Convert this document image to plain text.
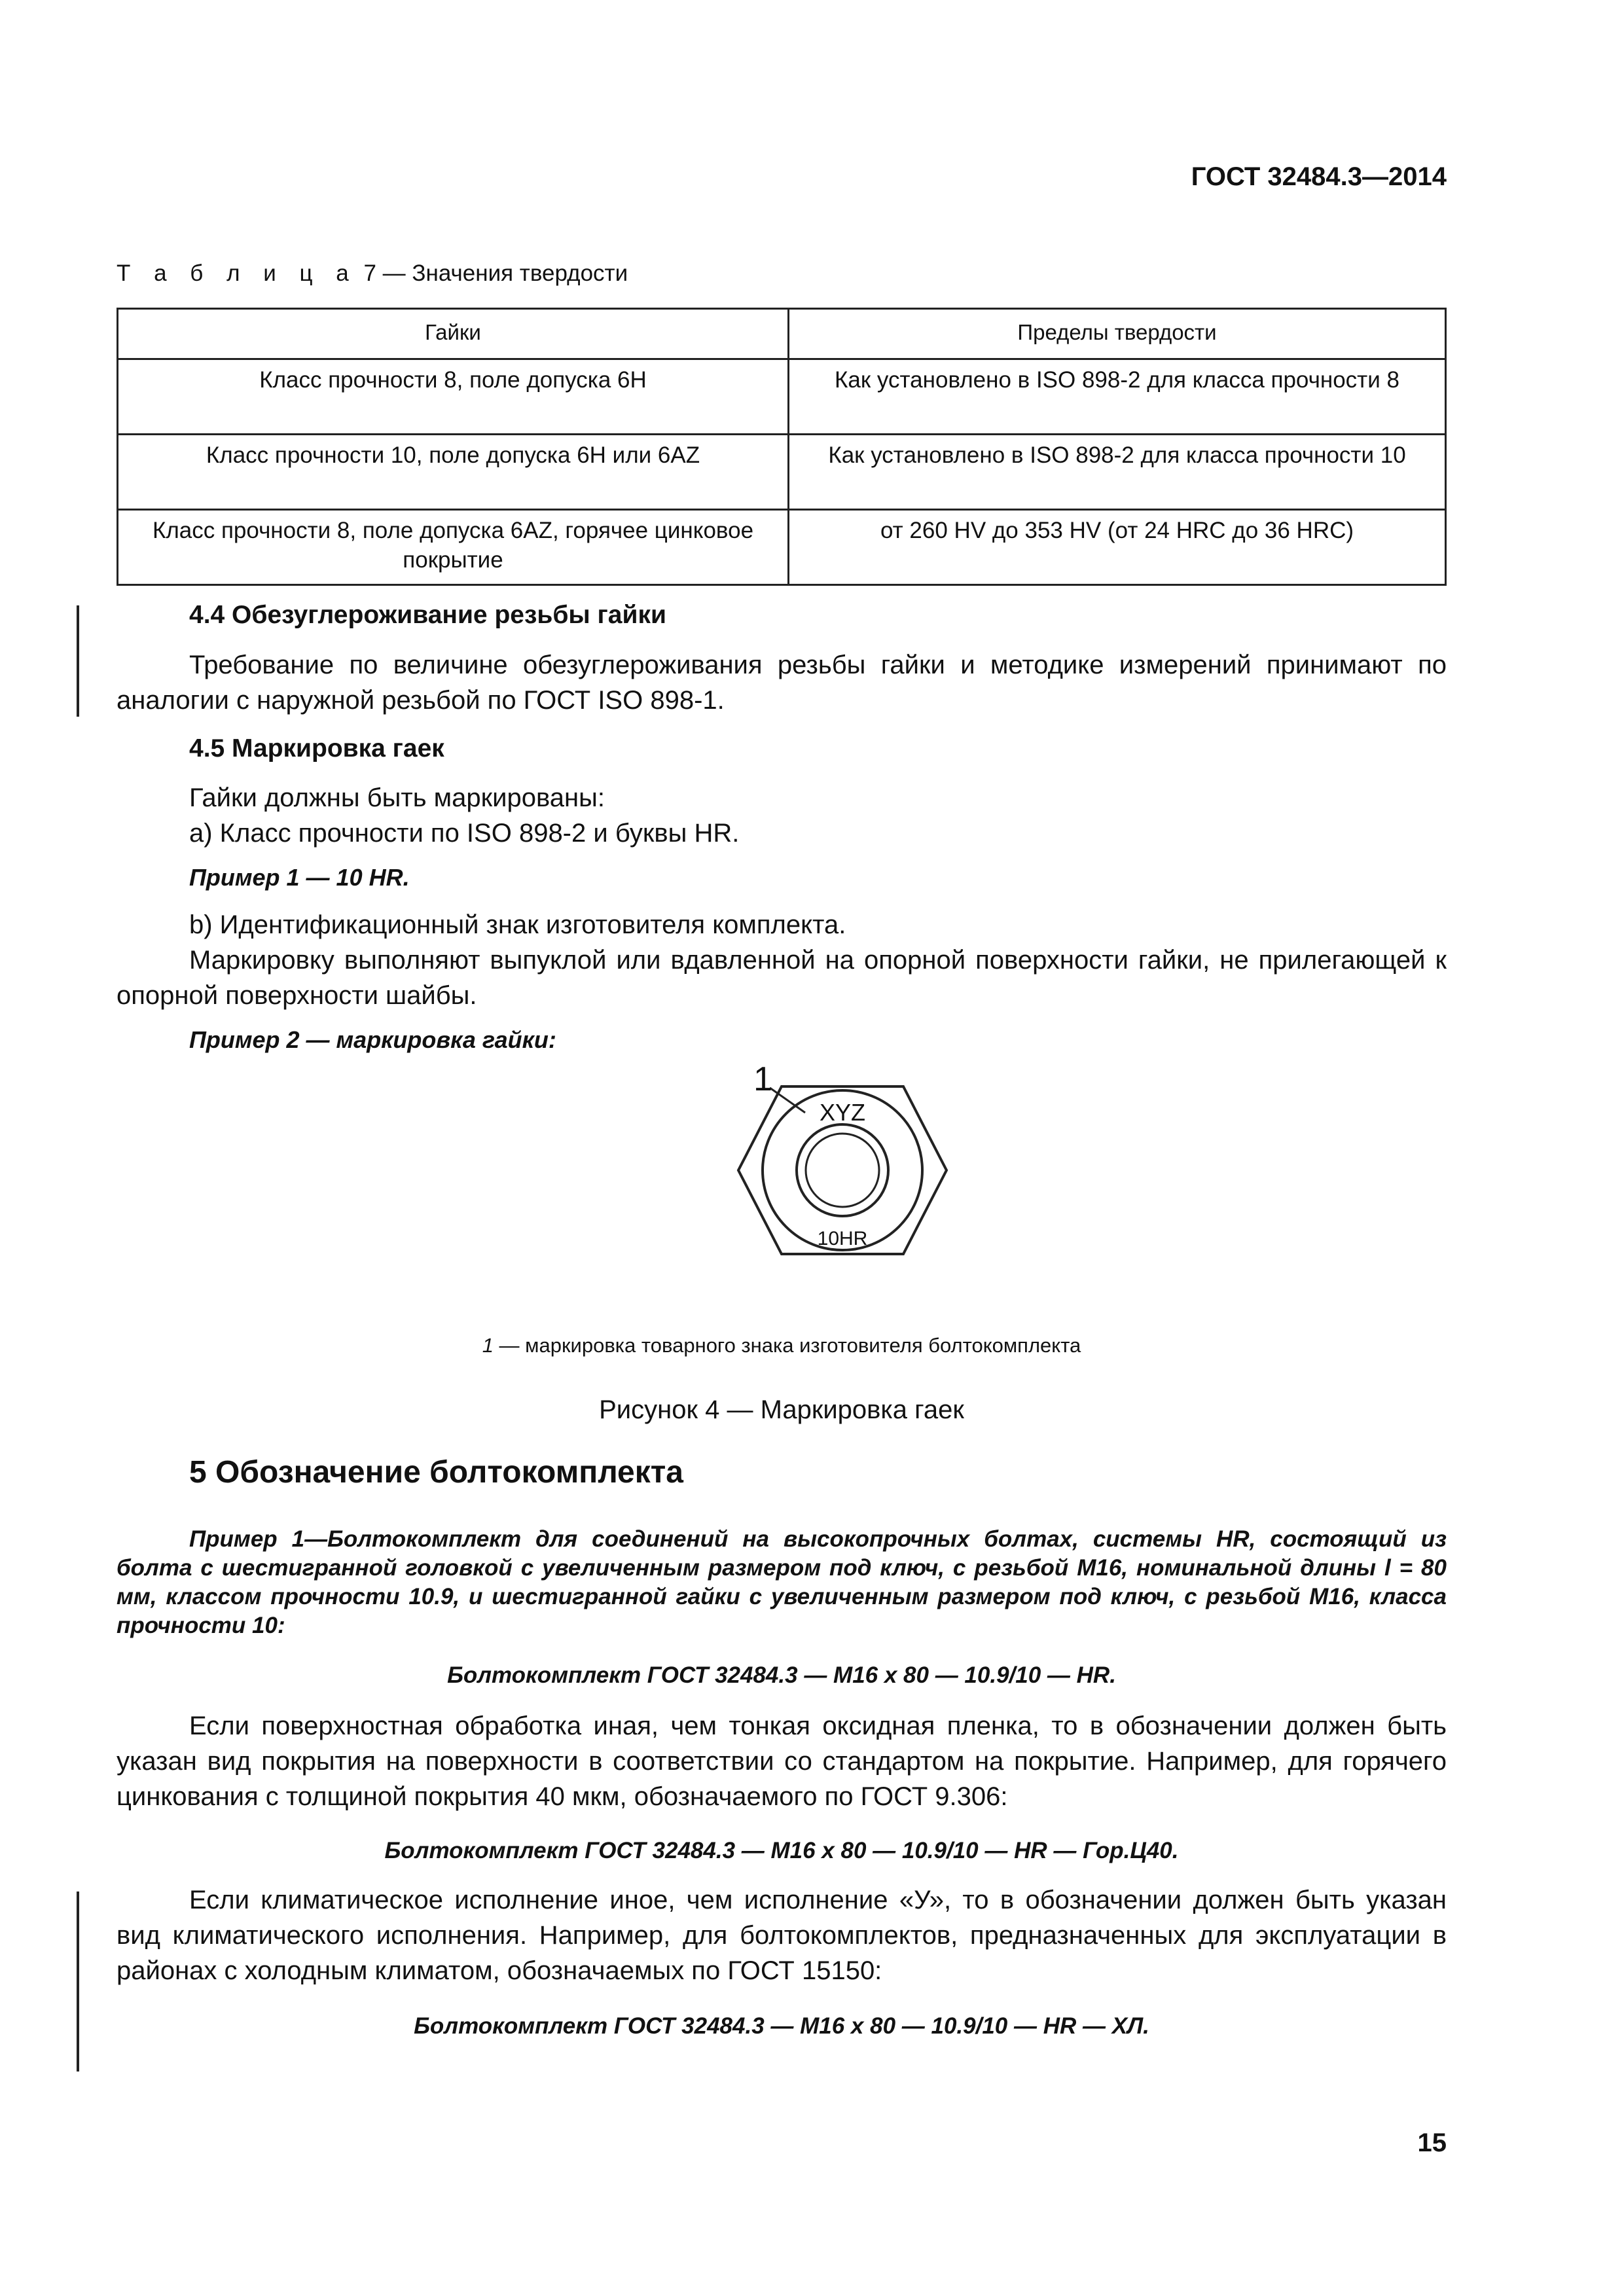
ГОСТ 32484.3—2014
Т а б л и ц а 7 — Значения твердости
Гайки	Пределы твердости
Класс прочности 8, поле допуска 6H	Как установлено в ISO 898-2 для класса прочности 8
Класс прочности 10, поле допуска 6H или 6AZ	Как установлено в ISO 898-2 для класса прочности 10
Класс прочности 8, поле допуска 6AZ, горячее цинковое покрытие	от 260 HV до 353 HV (от 24 HRC до 36 HRC)
4.4 Обезуглероживание резьбы гайки
Требование по величине обезуглероживания резьбы гайки и методике измерений принимают по аналогии с наружной резьбой по ГОСТ ISO 898-1.
4.5 Маркировка гаек
Гайки должны быть маркированы:
а) Класс прочности по ISO 898-2 и буквы HR.
Пример 1 — 10 HR.
b) Идентификационный знак изготовителя комплекта.
Маркировку выполняют выпуклой или вдавленной на опорной поверхности гайки, не прилегающей к опорной поверхности шайбы.
Пример 2 — маркировка гайки:
1
XYZ
10HR
1 — маркировка товарного знака изготовителя болтокомплекта
Рисунок 4 — Маркировка гаек
5 Обозначение болтокомплекта
Пример 1—Болтокомплект для соединений на высокопрочных болтах, системы HR, состоящий из болта с шестигранной головкой с увеличенным размером под ключ, с резьбой M16, номинальной длины l = 80 мм, классом прочности 10.9, и шестигранной гайки с увеличенным размером под ключ, с резьбой M16, класса прочности 10:
Болтокомплект ГОСТ 32484.3 — M16 x 80 — 10.9/10 — HR.
Если поверхностная обработка иная, чем тонкая оксидная пленка, то в обозначении должен быть указан вид покрытия на поверхности в соответствии со стандартом на покрытие. Например, для горячего цинкования с толщиной покрытия 40 мкм, обозначаемого по ГОСТ 9.306:
Болтокомплект ГОСТ 32484.3 — M16 x 80 — 10.9/10 — HR — Гор.Ц40.
Если климатическое исполнение иное, чем исполнение «У», то в обозначении должен быть указан вид климатического исполнения. Например, для болтокомплектов, предназначенных для эксплуатации в районах с холодным климатом, обозначаемых по ГОСТ 15150:
Болтокомплект ГОСТ 32484.3 — M16 x 80 — 10.9/10 — HR — ХЛ.
15
